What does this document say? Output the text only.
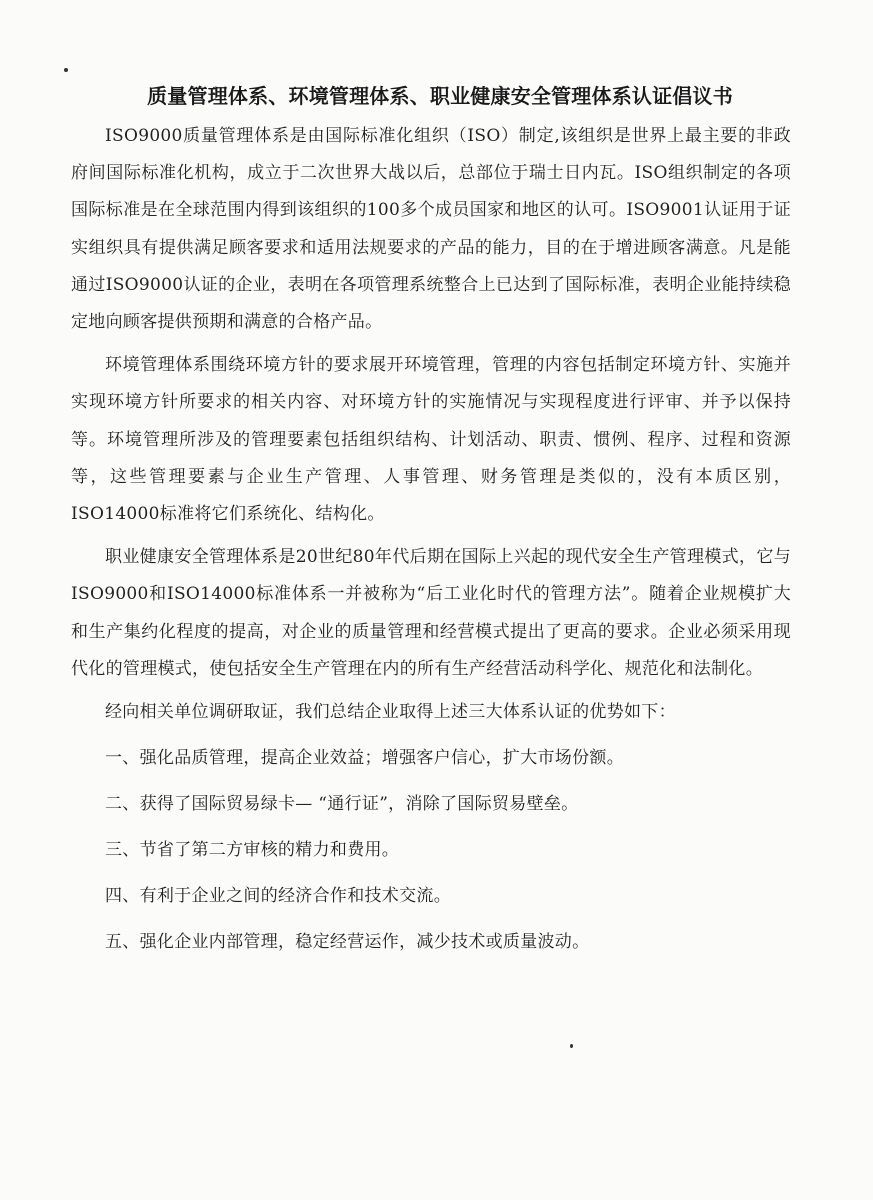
质量管理体系、环境管理体系、职业健康安全管理体系认证倡议书

ISO9000质量管理体系是由国际标准化组织（ISO）制定,该组织是世界上最主要的非政府间国际标准化机构，成立于二次世界大战以后，总部位于瑞士日内瓦。ISO组织制定的各项国际标准是在全球范围内得到该组织的100多个成员国家和地区的认可。ISO9001认证用于证实组织具有提供满足顾客要求和适用法规要求的产品的能力，目的在于增进顾客满意。凡是能通过ISO9000认证的企业，表明在各项管理系统整合上已达到了国际标准，表明企业能持续稳定地向顾客提供预期和满意的合格产品。

环境管理体系围绕环境方针的要求展开环境管理，管理的内容包括制定环境方针、实施并实现环境方针所要求的相关内容、对环境方针的实施情况与实现程度进行评审、并予以保持等。环境管理所涉及的管理要素包括组织结构、计划活动、职责、惯例、程序、过程和资源等，这些管理要素与企业生产管理、人事管理、财务管理是类似的，没有本质区别，ISO14000标准将它们系统化、结构化。

职业健康安全管理体系是20世纪80年代后期在国际上兴起的现代安全生产管理模式，它与ISO9000和ISO14000标准体系一并被称为“后工业化时代的管理方法”。随着企业规模扩大和生产集约化程度的提高，对企业的质量管理和经营模式提出了更高的要求。企业必须采用现代化的管理模式，使包括安全生产管理在内的所有生产经营活动科学化、规范化和法制化。

经向相关单位调研取证，我们总结企业取得上述三大体系认证的优势如下：

一、强化品质管理，提高企业效益；增强客户信心，扩大市场份额。
二、获得了国际贸易绿卡— “通行证”，消除了国际贸易壁垒。
三、节省了第二方审核的精力和费用。
四、有利于企业之间的经济合作和技术交流。
五、强化企业内部管理，稳定经营运作，减少技术或质量波动。
